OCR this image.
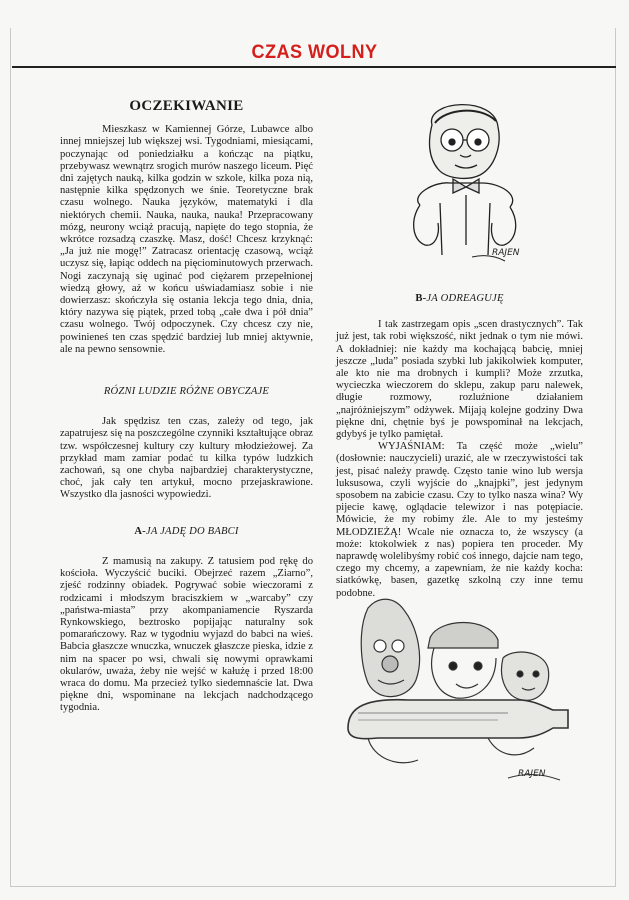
CZAS WOLNY
OCZEKIWANIE

Mieszkasz w Kamiennej Górze, Lubawce albo innej mniejszej lub większej wsi. Tygodniami, miesiącami, poczynając od poniedziałku a kończąc na piątku, przebywasz wewnątrz srogich murów naszego liceum. Pięć dni zajętych nauką, kilka godzin w szkole, kilka poza nią, następnie kilka spędzonych we śnie. Teoretyczne brak czasu wolnego. Nauka języków, matematyki i dla niektórych chemii. Nauka, nauka, nauka! Przepracowany mózg, neurony wciąż pracują, napięte do tego stopnia, że wkrótce rozsadzą czaszkę. Masz, dość! Chcesz krzyknąć: „Ja już nie mogę!” Zatracasz orientację czasową, wciąż uczysz się, łapiąc oddech na pięciominutowych przerwach. Nogi zaczynają się uginać pod ciężarem przepełnionej wiedzą głowy, aż w końcu uświadamiasz sobie i nie dowierzasz: skończyła się ostania lekcja tego dnia, dnia, który nazywa się piątek, przed tobą „całe dwa i pół dnia” czasu wolnego. Twój odpoczynek. Czy chcesz czy nie, powinieneś ten czas spędzić bardziej lub mniej aktywnie, ale na pewno sensownie.

RÓZNI LUDZIE RÓŻNE OBYCZAJE

Jak spędzisz ten czas, zależy od tego, jak zapatrujesz się na poszczególne czynniki kształtujące obraz tzw. współczesnej kultury czy kultury młodzieżowej. Za przykład mam zamiar podać tu kilka typów ludzkich zachowań, są one chyba najbardziej charakterystyczne, choć, jak cały ten artykuł, mocno przejaskrawione. Wszystko dla jasności wypowiedzi.

A-JA JADĘ DO BABCI

Z mamusią na zakupy. Z tatusiem pod rękę do kościoła. Wyczyścić buciki. Obejrzeć razem „Ziarno”, zjeść rodzinny obiadek. Pogrywać sobie wieczorami z rodzicami i młodszym braciszkiem w „warcaby” czy „państwa-miasta” przy akompaniamencie Ryszarda Rynkowskiego, beztrosko popijając naturalny sok pomarańczowy. Raz w tygodniu wyjazd do babci na wieś. Babcia głaszcze wnuczka, wnuczek głaszcze pieska, idzie z nim na spacer po wsi, chwali się nowymi oprawkami okularów, uważa, żeby nie wejść w kałużę i przed 18:00 wraca do domu. Ma przecież tylko siedemnaście lat. Dwa piękne dni, wspominane na lekcjach nadchodzącego tygodnia.

RAJEN
B-JA ODREAGUJĘ

I tak zastrzegam opis „scen drastycznych”. Tak już jest, tak robi większość, nikt jednak o tym nie mówi. A dokładniej: nie każdy ma kochającą babcię, mniej jeszcze „luda” posiada szybki lub jakikolwiek komputer, ale kto nie ma drobnych i kumpli? Może zrzutka, wycieczka wieczorem do sklepu, zakup paru nalewek, długie rozmowy, rozluźnione działaniem „najróżniejszym” odżywek. Mijają kolejne godziny Dwa piękne dni, chętnie byś je powspominał na lekcjach, gdybyś je tylko pamiętał.

WYJAŚNIAM: Ta część może „wielu” (dosłownie: nauczycieli) urazić, ale w rzeczywistości tak jest, pisać należy prawdę. Często tanie wino lub wersja luksusowa, czyli wyjście do „knajpki”, jest jedynym sposobem na zabicie czasu. Czy to tylko nasza wina? Wy pijecie kawę, oglądacie telewizor i nas potępiacie. Mówicie, że my robimy źle. Ale to my jesteśmy MŁODZIEŻĄ! Wcale nie oznacza to, że wszyscy (a może: ktokolwiek z nas) popiera ten proceder. My naprawdę wolelibyśmy robić coś innego, dajcie nam tego, czego my chcemy, a zapewniam, że nie każdy kocha: siatkówkę, basen, gazetkę szkolną czy inne temu podobne.

RAJEN
